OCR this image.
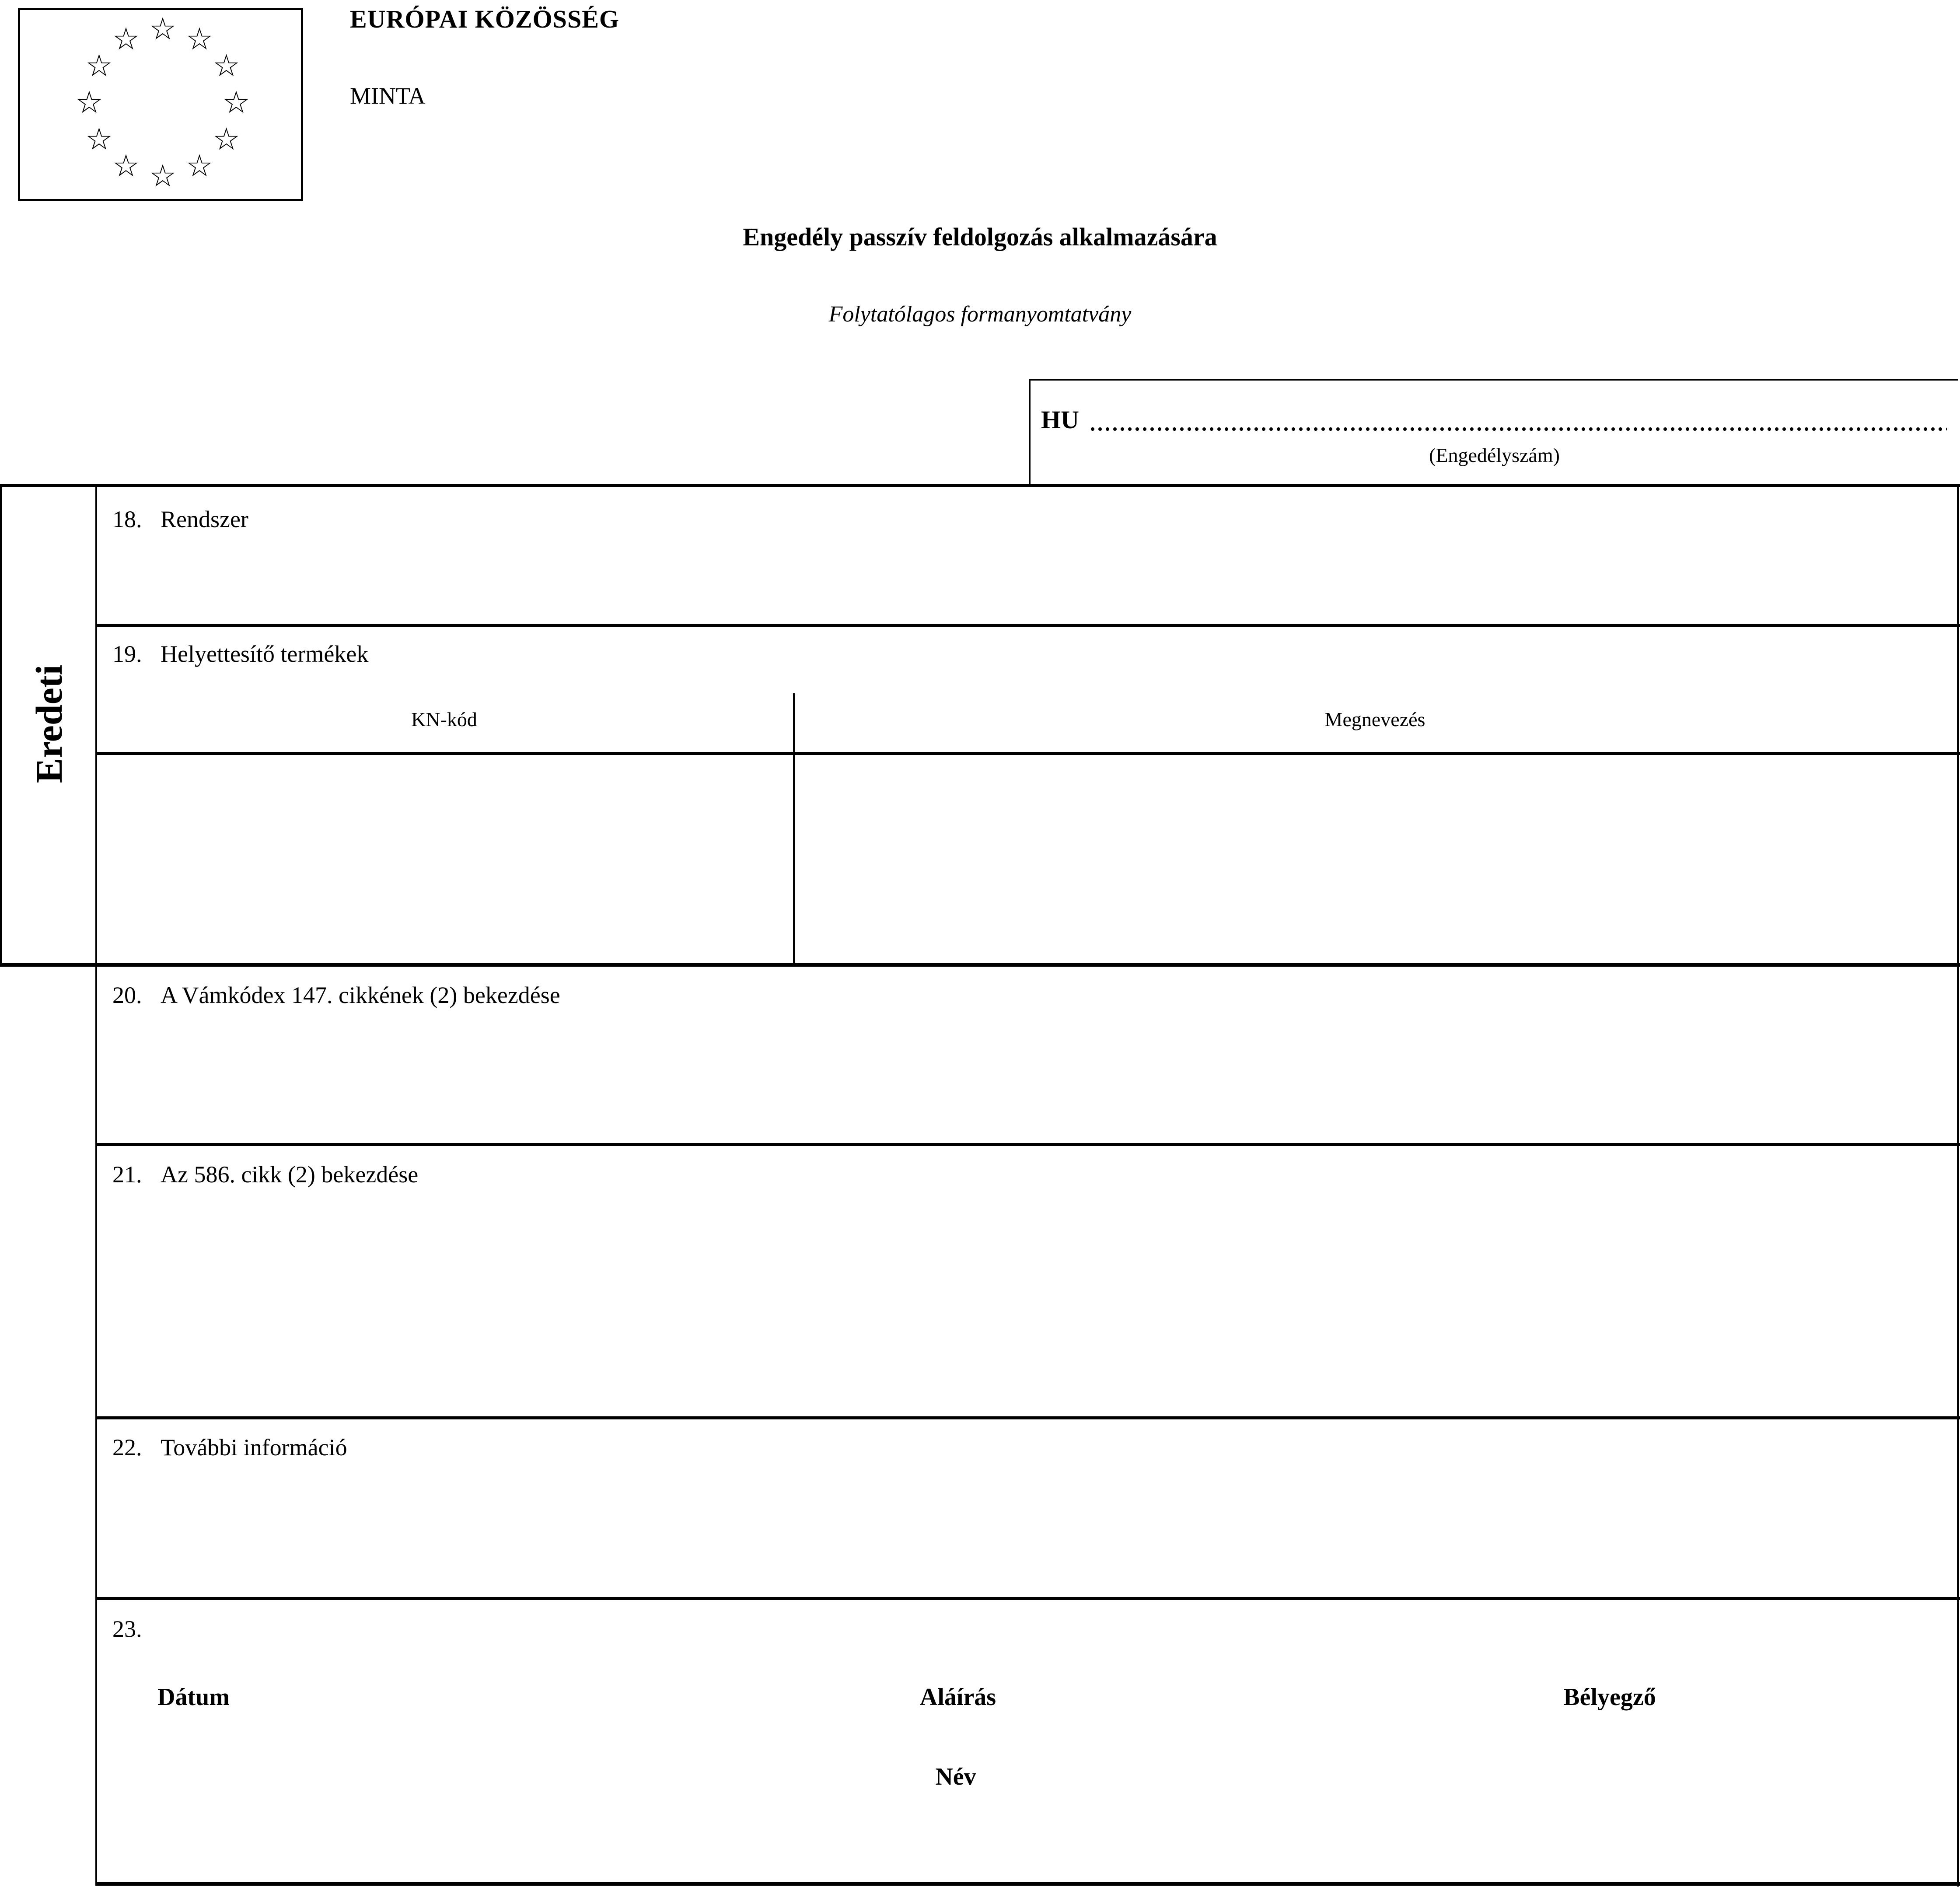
☆ ☆
☆
☆
☆
☆
☆
☆
☆
☆
☆
☆
EURÓPAI KÖZÖSSÉG
MINTA
Engedély passzív feldolgozás alkalmazására
Folytatólagos formanyomtatvány
HU
(Engedélyszám)
Eredeti
18. Rendszer
19. Helyettesítő termékek
KN-kód	Megnevezés
20. A Vámkódex 147. cikkének (2) bekezdése
21. Az 586. cikk (2) bekezdése
22. További információ
23.
Dátum	Aláírás	Bélyegző
Név
